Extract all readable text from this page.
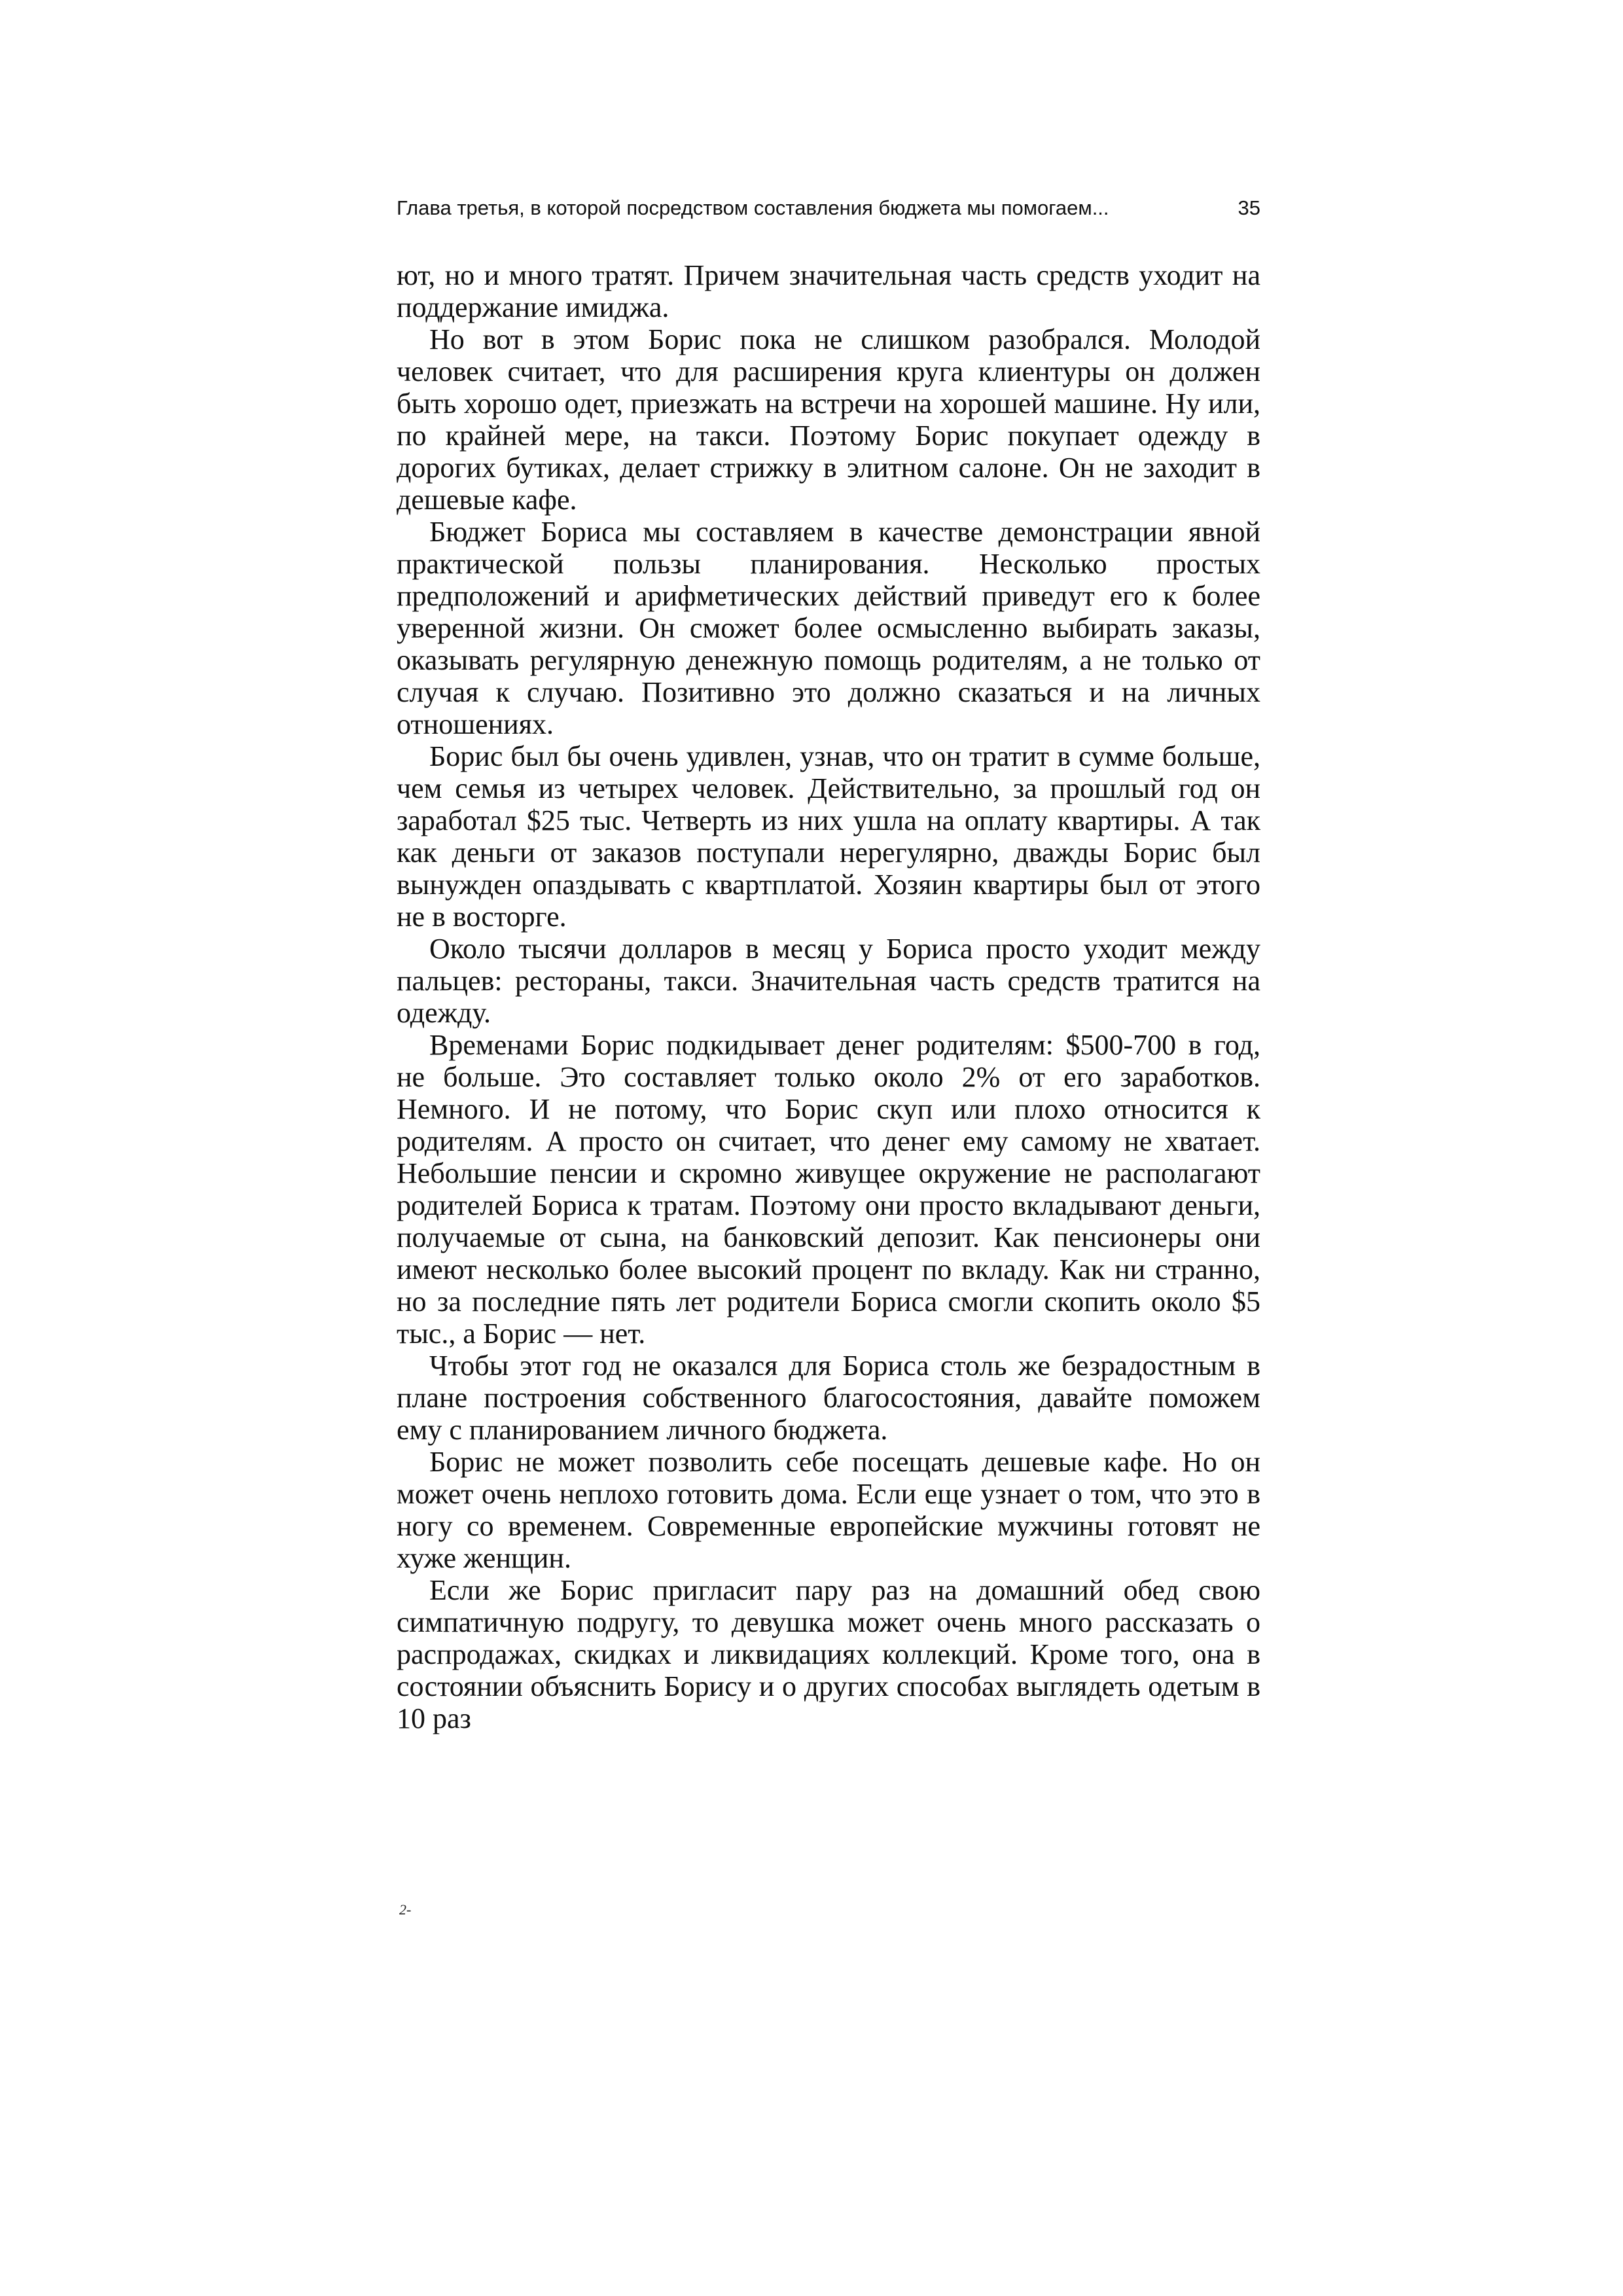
Глава третья, в которой посредством составления бюджета мы помогаем...	35

ют, но и много тратят. Причем значительная часть средств уходит на поддержание имиджа.

Но вот в этом Борис пока не слишком разобрался. Молодой человек считает, что для расширения круга клиентуры он должен быть хорошо одет, приезжать на встречи на хорошей машине. Ну или, по крайней мере, на такси. Поэтому Борис покупает одежду в дорогих бутиках, делает стрижку в элитном салоне. Он не заходит в дешевые кафе.

Бюджет Бориса мы составляем в качестве демонстрации явной практической пользы планирования. Несколько простых предположений и арифметических действий приведут его к более уверенной жизни. Он сможет более осмысленно выбирать заказы, оказывать регулярную денежную помощь родителям, а не только от случая к случаю. Позитивно это должно сказаться и на личных отношениях.

Борис был бы очень удивлен, узнав, что он тратит в сумме больше, чем семья из четырех человек. Действительно, за прошлый год он заработал $25 тыс. Четверть из них ушла на оплату квартиры. А так как деньги от заказов поступали нерегулярно, дважды Борис был вынужден опаздывать с квартплатой. Хозяин квартиры был от этого не в восторге.

Около тысячи долларов в месяц у Бориса просто уходит между пальцев: рестораны, такси. Значительная часть средств тратится на одежду.

Временами Борис подкидывает денег родителям: $500-700 в год, не больше. Это составляет только около 2% от его заработков. Немного. И не потому, что Борис скуп или плохо относится к родителям. А просто он считает, что денег ему самому не хватает. Небольшие пенсии и скромно живущее окружение не располагают родителей Бориса к тратам. Поэтому они просто вкладывают деньги, получаемые от сына, на банковский депозит. Как пенсионеры они имеют несколько более высокий процент по вкладу. Как ни странно, но за последние пять лет родители Бориса смогли скопить около $5 тыс., а Борис — нет.

Чтобы этот год не оказался для Бориса столь же безрадостным в плане построения собственного благосостояния, давайте поможем ему с планированием личного бюджета.

Борис не может позволить себе посещать дешевые кафе. Но он может очень неплохо готовить дома. Если еще узнает о том, что это в ногу со временем. Современные европейские мужчины готовят не хуже женщин.

Если же Борис пригласит пару раз на домашний обед свою симпатичную подругу, то девушка может очень много рассказать о распродажах, скидках и ликвидациях коллекций. Кроме того, она в состоянии объяснить Борису и о других способах выглядеть одетым в 10 раз

2-
